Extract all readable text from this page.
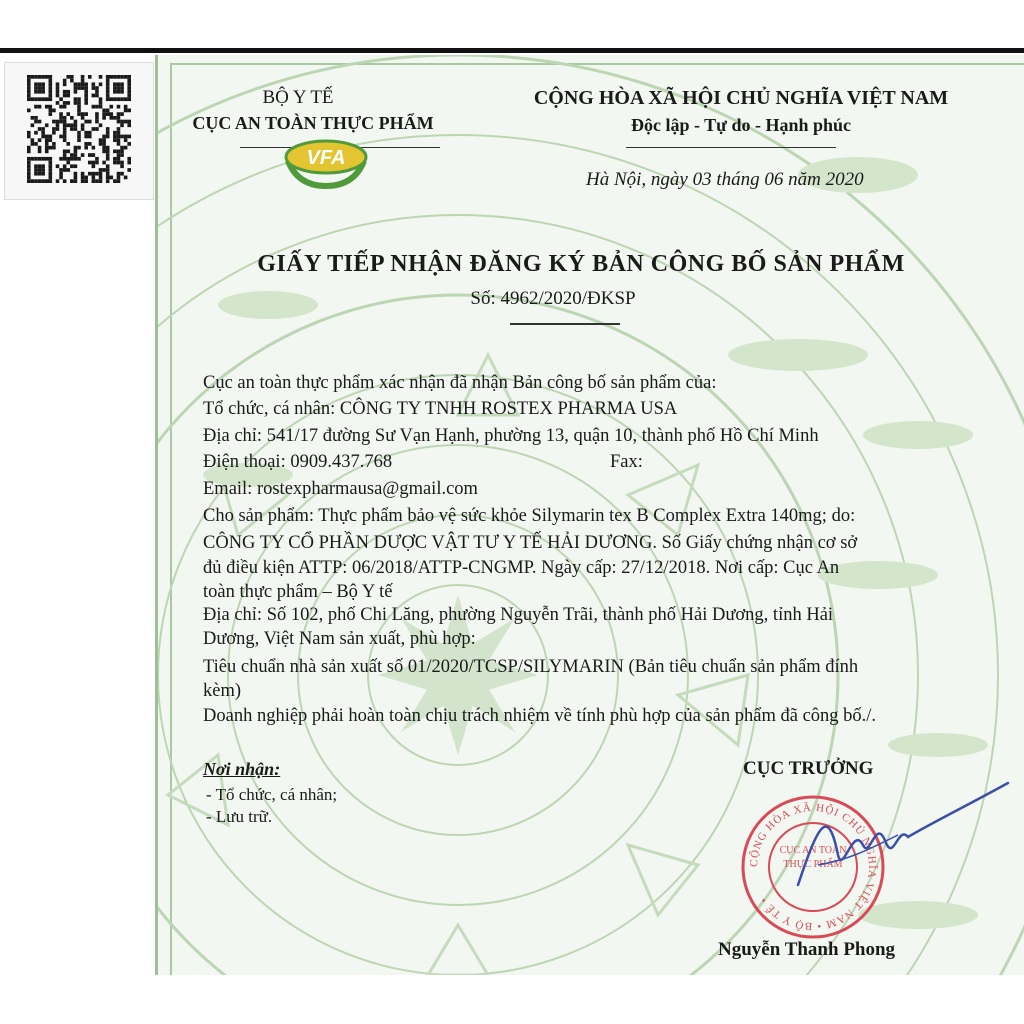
BỘ Y TẾ
CỤC AN TOÀN THỰC PHẨM
VFA
CỘNG HÒA XÃ HỘI CHỦ NGHĨA VIỆT NAM
Độc lập - Tự do - Hạnh phúc
Hà Nội, ngày 03 tháng 06 năm 2020
GIẤY TIẾP NHẬN ĐĂNG KÝ BẢN CÔNG BỐ SẢN PHẨM
Số: 4962/2020/ĐKSP
Cục an toàn thực phẩm xác nhận đã nhận Bản công bố sản phẩm của:
Tổ chức, cá nhân: CÔNG TY TNHH ROSTEX PHARMA USA
Địa chỉ: 541/17 đường Sư Vạn Hạnh, phường 13, quận 10, thành phố Hồ Chí Minh
Điện thoại: 0909.437.768	Fax:
Email: rostexpharmausa@gmail.com
Cho sản phẩm: Thực phẩm bảo vệ sức khỏe Silymarin tex B Complex Extra 140mg; do:
CÔNG TY CỔ PHẦN DƯỢC VẬT TƯ Y TẾ HẢI DƯƠNG. Số Giấy chứng nhận cơ sở
đủ điều kiện ATTP: 06/2018/ATTP-CNGMP. Ngày cấp: 27/12/2018. Nơi cấp: Cục An
toàn thực phẩm – Bộ Y tế
Địa chỉ: Số 102, phố Chi Lăng, phường Nguyễn Trãi, thành phố Hải Dương, tỉnh Hải
Dương, Việt Nam sản xuất, phù hợp:
Tiêu chuẩn nhà sản xuất số 01/2020/TCSP/SILYMARIN (Bản tiêu chuẩn sản phẩm đính
kèm)
Doanh nghiệp phải hoàn toàn chịu trách nhiệm về tính phù hợp của sản phẩm đã công bố./.
Nơi nhận:
- Tổ chức, cá nhân;
- Lưu trữ.
CỤC TRƯỞNG
CỘNG HÒA XÃ HỘI CHỦ NGHĨA VIỆT NAM • BỘ Y TẾ •
CỤC AN TOÀN THỰC PHẨM
Nguyễn Thanh Phong
